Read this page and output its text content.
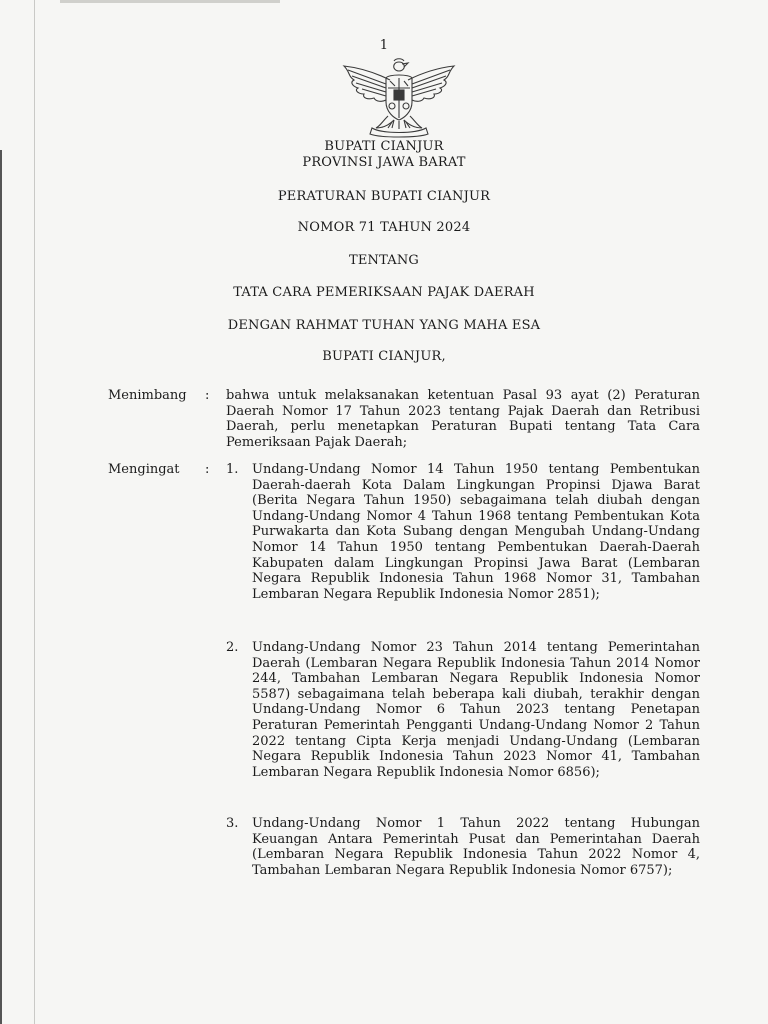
1
BUPATI CIANJUR
PROVINSI JAWA BARAT
PERATURAN BUPATI CIANJUR
NOMOR 71 TAHUN 2024
TENTANG
TATA CARA PEMERIKSAAN PAJAK DAERAH
DENGAN RAHMAT TUHAN YANG MAHA ESA
BUPATI CIANJUR,
Menimbang : bahwa untuk melaksanakan ketentuan Pasal 93 ayat (2) Peraturan Daerah Nomor 17 Tahun 2023 tentang Pajak Daerah dan Retribusi Daerah, perlu menetapkan Peraturan Bupati tentang Tata Cara Pemeriksaan Pajak Daerah;

Mengingat : 1. Undang-Undang Nomor 14 Tahun 1950 tentang Pembentukan Daerah-daerah Kota Dalam Lingkungan Propinsi Djawa Barat (Berita Negara Tahun 1950) sebagaimana telah diubah dengan Undang-Undang Nomor 4 Tahun 1968 tentang Pembentukan Kota Purwakarta dan Kota Subang dengan Mengubah Undang-Undang Nomor 14 Tahun 1950 tentang Pembentukan Daerah-Daerah Kabupaten dalam Lingkungan Propinsi Jawa Barat (Lembaran Negara Republik Indonesia Tahun 1968 Nomor 31, Tambahan Lembaran Negara Republik Indonesia Nomor 2851);

2. Undang-Undang Nomor 23 Tahun 2014 tentang Pemerintahan Daerah (Lembaran Negara Republik Indonesia Tahun 2014 Nomor 244, Tambahan Lembaran Negara Republik Indonesia Nomor 5587) sebagaimana telah beberapa kali diubah, terakhir dengan Undang-Undang Nomor 6 Tahun 2023 tentang Penetapan Peraturan Pemerintah Pengganti Undang-Undang Nomor 2 Tahun 2022 tentang Cipta Kerja menjadi Undang-Undang (Lembaran Negara Republik Indonesia Tahun 2023 Nomor 41, Tambahan Lembaran Negara Republik Indonesia Nomor 6856);

3. Undang-Undang Nomor 1 Tahun 2022 tentang Hubungan Keuangan Antara Pemerintah Pusat dan Pemerintahan Daerah (Lembaran Negara Republik Indonesia Tahun 2022 Nomor 4, Tambahan Lembaran Negara Republik Indonesia Nomor 6757);
